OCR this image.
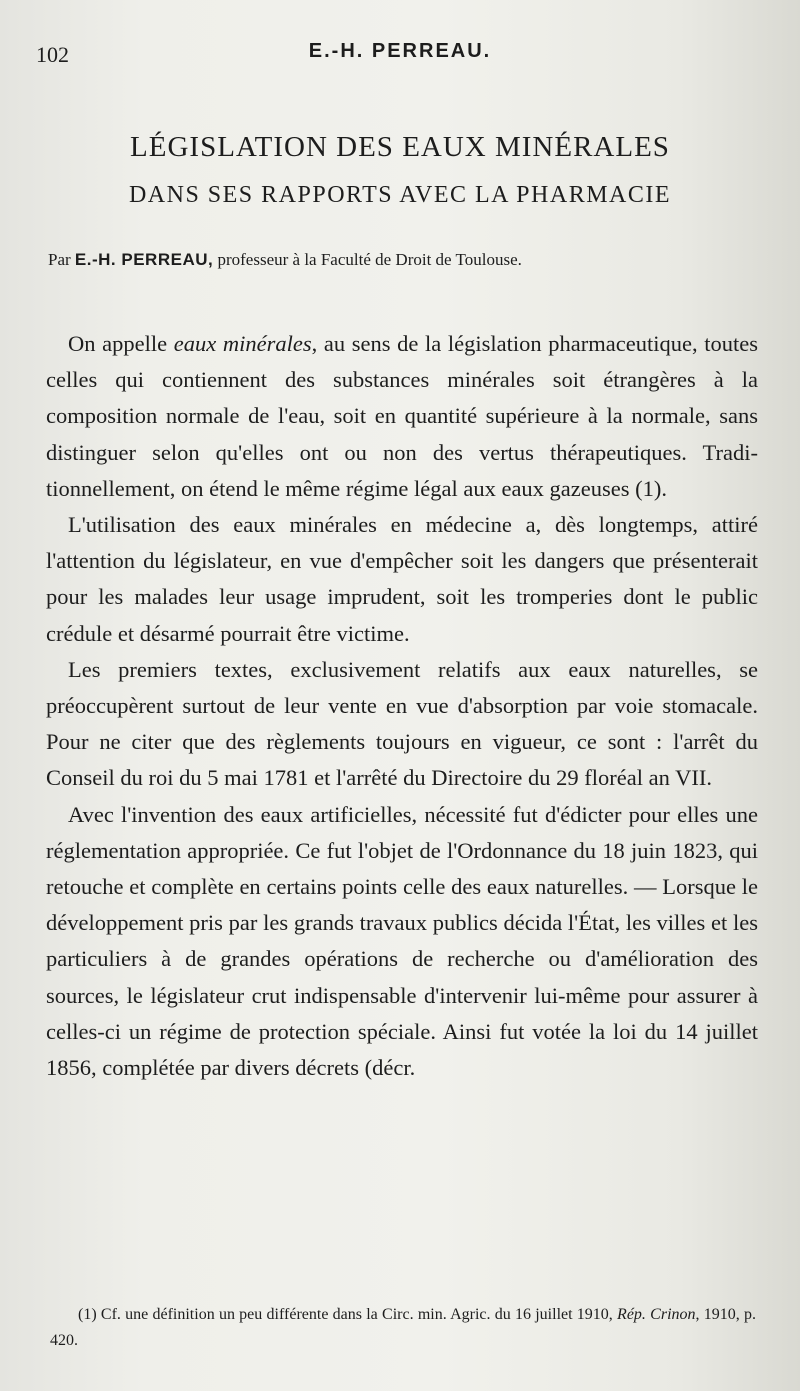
102	E.-H. PERREAU.
LÉGISLATION DES EAUX MINÉRALES
DANS SES RAPPORTS AVEC LA PHARMACIE
Par E.-H. PERREAU, professeur à la Faculté de Droit de Toulouse.

On appelle eaux minérales, au sens de la législation pharmaceutique, toutes celles qui contiennent des substances minérales soit étrangères à la composition normale de l'eau, soit en quantité supérieure à la normale, sans distinguer selon qu'elles ont ou non des vertus thérapeutiques. Traditionnellement, on étend le même régime légal aux eaux gazeuses (1).

L'utilisation des eaux minérales en médecine a, dès longtemps, attiré l'attention du législateur, en vue d'empêcher soit les dangers que présenterait pour les malades leur usage imprudent, soit les tromperies dont le public crédule et désarmé pourrait être victime.

Les premiers textes, exclusivement relatifs aux eaux naturelles, se préoccupèrent surtout de leur vente en vue d'absorption par voie stomacale. Pour ne citer que des règlements toujours en vigueur, ce sont : l'arrêt du Conseil du roi du 5 mai 1781 et l'arrêté du Directoire du 29 floréal an VII.

Avec l'invention des eaux artificielles, nécessité fut d'édicter pour elles une réglementation appropriée. Ce fut l'objet de l'Ordonnance du 18 juin 1823, qui retouche et complète en certains points celle des eaux naturelles. — Lorsque le développement pris par les grands travaux publics décida l'État, les villes et les particuliers à de grandes opérations de recherche ou d'amélioration des sources, le législateur crut indispensable d'intervenir lui-même pour assurer à celles-ci un régime de protection spéciale. Ainsi fut votée la loi du 14 juillet 1856, complétée par divers décrets (décr.

(1) Cf. une définition un peu différente dans la Circ. min. Agric. du 16 juillet 1910, Rép. Crinon, 1910, p. 420.
